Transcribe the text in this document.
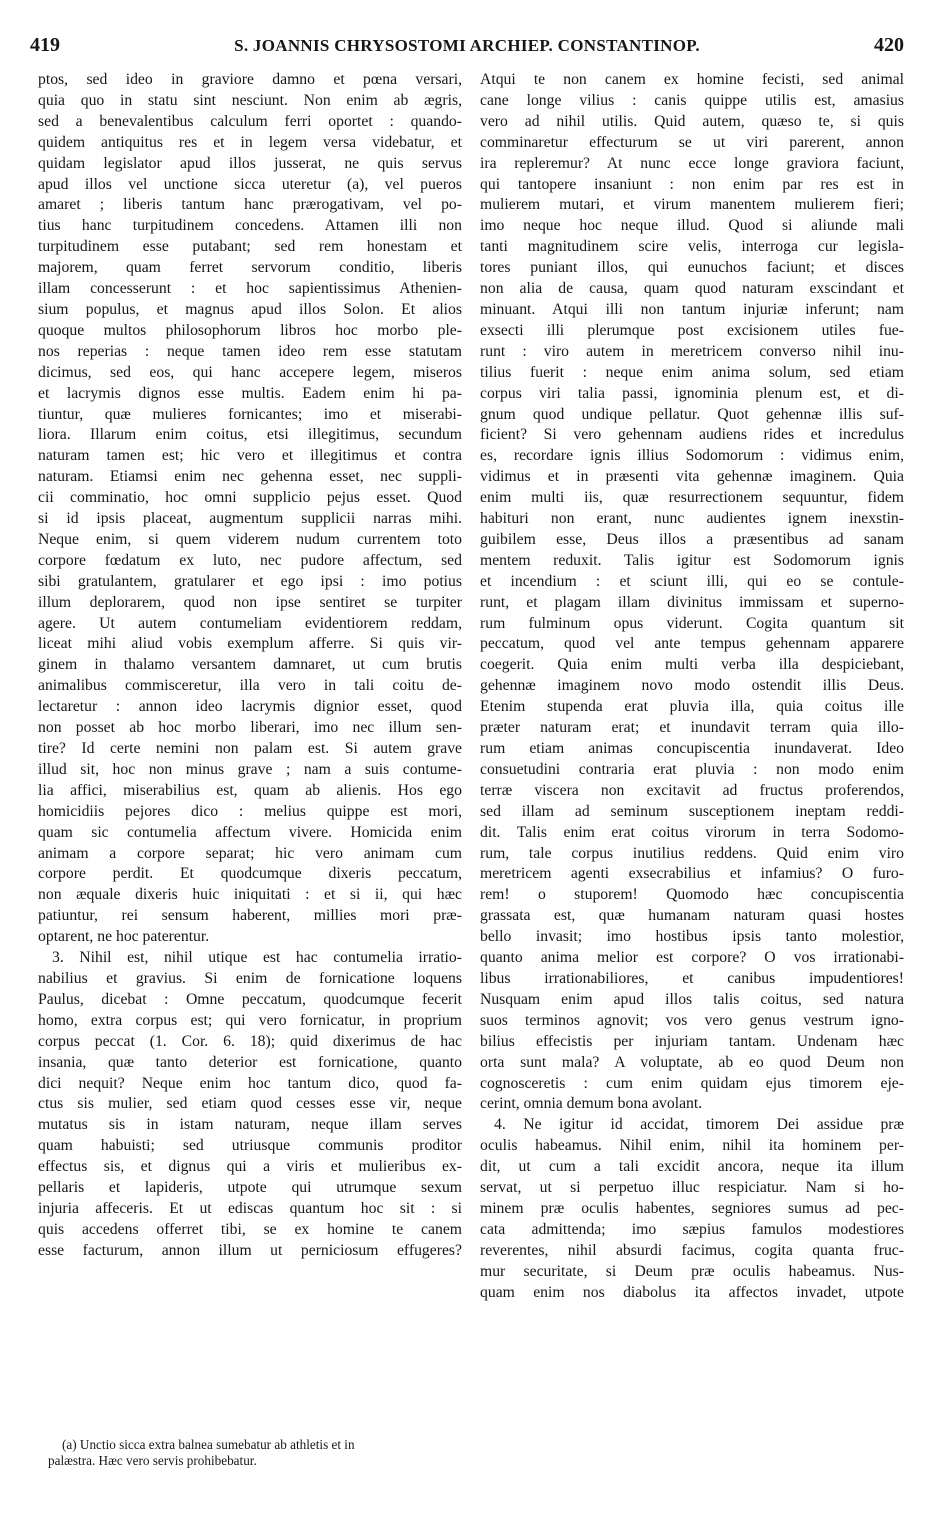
419	S. JOANNIS CHRYSOSTOMI ARCHIEP. CONSTANTINOP.	420
ptos, sed ideo in graviore damno et pœna versari,
quia quo in statu sint nesciunt. Non enim ab ægris,
sed a benevalentibus calculum ferri oportet : quando-
quidem antiquitus res et in legem versa videbatur, et
quidam legislator apud illos jusserat, ne quis servus
apud illos vel unctione sicca uteretur (a), vel pueros
amaret ; liberis tantum hanc prærogativam, vel po-
tius hanc turpitudinem concedens. Attamen illi non
turpitudinem esse putabant; sed rem honestam et
majorem, quam ferret servorum conditio, liberis
illam concesserunt : et hoc sapientissimus Athenien-
sium populus, et magnus apud illos Solon. Et alios
quoque multos philosophorum libros hoc morbo ple-
nos reperias : neque tamen ideo rem esse statutam
dicimus, sed eos, qui hanc accepere legem, miseros
et lacrymis dignos esse multis. Eadem enim hi pa-
tiuntur, quæ mulieres fornicantes; imo et miserabi-
liora. Illarum enim coitus, etsi illegitimus, secundum
naturam tamen est; hic vero et illegitimus et contra
naturam. Etiamsi enim nec gehenna esset, nec suppli-
cii comminatio, hoc omni supplicio pejus esset. Quod
si id ipsis placeat, augmentum supplicii narras mihi.
Neque enim, si quem viderem nudum currentem toto
corpore fœdatum ex luto, nec pudore affectum, sed
sibi gratulantem, gratularer et ego ipsi : imo potius
illum deplorarem, quod non ipse sentiret se turpiter
agere. Ut autem contumeliam evidentiorem reddam,
liceat mihi aliud vobis exemplum afferre. Si quis vir-
ginem in thalamo versantem damnaret, ut cum brutis
animalibus commisceretur, illa vero in tali coitu de-
lectaretur : annon ideo lacrymis dignior esset, quod
non posset ab hoc morbo liberari, imo nec illum sen-
tire? Id certe nemini non palam est. Si autem grave
illud sit, hoc non minus grave ; nam a suis contume-
lia affici, miserabilius est, quam ab alienis. Hos ego
homicidiis pejores dico : melius quippe est mori,
quam sic contumelia affectum vivere. Homicida enim
animam a corpore separat; hic vero animam cum
corpore perdit. Et quodcumque dixeris peccatum,
non æquale dixeris huic iniquitati : et si ii, qui hæc
patiuntur, rei sensum haberent, millies mori præ-
optarent, ne hoc paterentur.
3. Nihil est, nihil utique est hac contumelia irratio-
nabilius et gravius. Si enim de fornicatione loquens
Paulus, dicebat : Omne peccatum, quodcumque fecerit
homo, extra corpus est; qui vero fornicatur, in proprium
corpus peccat (1. Cor. 6. 18); quid dixerimus de hac
insania, quæ tanto deterior est fornicatione, quanto
dici nequit? Neque enim hoc tantum dico, quod fa-
ctus sis mulier, sed etiam quod cesses esse vir, neque
mutatus sis in istam naturam, neque illam serves
quam habuisti; sed utriusque communis proditor
effectus sis, et dignus qui a viris et mulieribus ex-
pellaris et lapideris, utpote qui utrumque sexum
injuria affeceris. Et ut ediscas quantum hoc sit : si
quis accedens offerret tibi, se ex homine te canem
esse facturum, annon illum ut perniciosum effugeres?
Atqui te non canem ex homine fecisti, sed animal
cane longe vilius : canis quippe utilis est, amasius
vero ad nihil utilis. Quid autem, quæso te, si quis
comminaretur effecturum se ut viri parerent, annon
ira repleremur? At nunc ecce longe graviora faciunt,
qui tantopere insaniunt : non enim par res est in
mulierem mutari, et virum manentem mulierem fieri;
imo neque hoc neque illud. Quod si aliunde mali
tanti magnitudinem scire velis, interroga cur legisla-
tores puniant illos, qui eunuchos faciunt; et disces
non alia de causa, quam quod naturam exscindant et
minuant. Atqui illi non tantum injuriæ inferunt; nam
exsecti illi plerumque post excisionem utiles fue-
runt : viro autem in meretricem converso nihil inu-
tilius fuerit : neque enim anima solum, sed etiam
corpus viri talia passi, ignominia plenum est, et di-
gnum quod undique pellatur. Quot gehennæ illis suf-
ficient? Si vero gehennam audiens rides et incredulus
es, recordare ignis illius Sodomorum : vidimus enim,
vidimus et in præsenti vita gehennæ imaginem. Quia
enim multi iis, quæ resurrectionem sequuntur, fidem
habituri non erant, nunc audientes ignem inexstin-
guibilem esse, Deus illos a præsentibus ad sanam
mentem reduxit. Talis igitur est Sodomorum ignis
et incendium : et sciunt illi, qui eo se contule-
runt, et plagam illam divinitus immissam et superno-
rum fulminum opus viderunt. Cogita quantum sit
peccatum, quod vel ante tempus gehennam apparere
coegerit. Quia enim multi verba illa despiciebant,
gehennæ imaginem novo modo ostendit illis Deus.
Etenim stupenda erat pluvia illa, quia coitus ille
præter naturam erat; et inundavit terram quia illo-
rum etiam animas concupiscentia inundaverat. Ideo
consuetudini contraria erat pluvia : non modo enim
terræ viscera non excitavit ad fructus proferendos,
sed illam ad seminum susceptionem ineptam reddi-
dit. Talis enim erat coitus virorum in terra Sodomo-
rum, tale corpus inutilius reddens. Quid enim viro
meretricem agenti exsecrabilius et infamius? O furo-
rem! o stuporem! Quomodo hæc concupiscentia
grassata est, quæ humanam naturam quasi hostes
bello invasit; imo hostibus ipsis tanto molestior,
quanto anima melior est corpore? O vos irrationabi-
libus irrationabiliores, et canibus impudentiores!
Nusquam enim apud illos talis coitus, sed natura
suos terminos agnovit; vos vero genus vestrum igno-
bilius effecistis per injuriam tantam. Undenam hæc
orta sunt mala? A voluptate, ab eo quod Deum non
cognosceretis : cum enim quidam ejus timorem eje-
cerint, omnia demum bona avolant.
4. Ne igitur id accidat, timorem Dei assidue præ
oculis habeamus. Nihil enim, nihil ita hominem per-
dit, ut cum a tali excidit ancora, neque ita illum
servat, ut si perpetuo illuc respiciatur. Nam si ho-
minem præ oculis habentes, segniores sumus ad pec-
cata admittenda; imo sæpius famulos modestiores
reverentes, nihil absurdi facimus, cogita quanta fruc-
mur securitate, si Deum præ oculis habeamus. Nus-
quam enim nos diabolus ita affectos invadet, utpote
(a) Unctio sicca extra balnea sumebatur ab athletis et in
palæstra. Hæc vero servis prohibebatur.
